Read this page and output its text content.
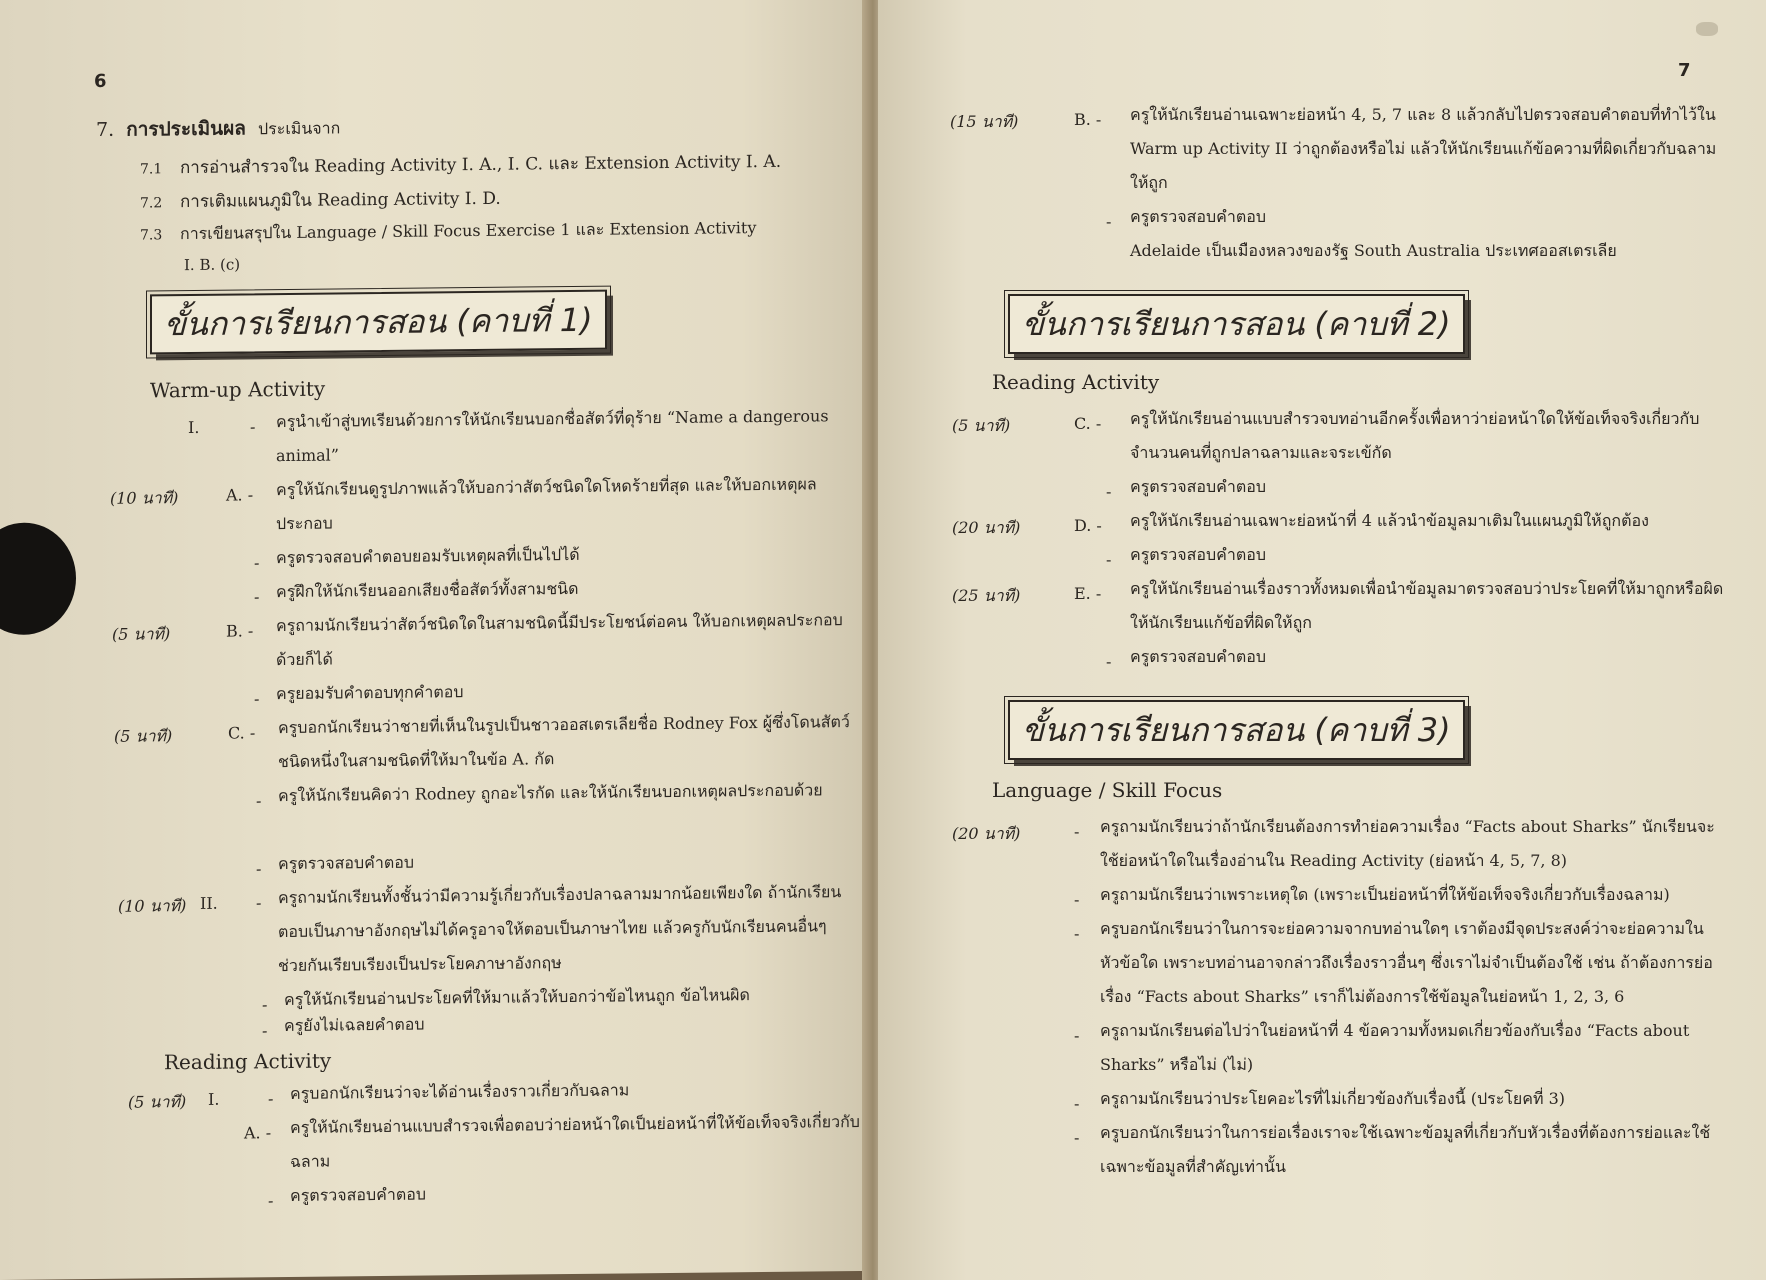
6
7. การประเมินผล ประเมินจาก
7.1 การอ่านสำรวจใน Reading Activity I. A., I. C. และ Extension Activity I. A.
7.2 การเติมแผนภูมิใน Reading Activity I. D.
7.3 การเขียนสรุปใน Language / Skill Focus Exercise 1 และ Extension Activity
I. B. (c)
ขั้นการเรียนการสอน (คาบที่ 1)
Warm-up Activity
I.	- ครูนำเข้าสู่บทเรียนด้วยการให้นักเรียนบอกชื่อสัตว์ที่ดุร้าย “Name a dangerous animal”
(10 นาที)	A. - ครูให้นักเรียนดูรูปภาพแล้วให้บอกว่าสัตว์ชนิดใดโหดร้ายที่สุด และให้บอกเหตุผลประกอบ
- ครูตรวจสอบคำตอบยอมรับเหตุผลที่เป็นไปได้
- ครูฝึกให้นักเรียนออกเสียงชื่อสัตว์ทั้งสามชนิด
(5 นาที)	B. - ครูถามนักเรียนว่าสัตว์ชนิดใดในสามชนิดนี้มีประโยชน์ต่อคน ให้บอกเหตุผลประกอบด้วยก็ได้
- ครูยอมรับคำตอบทุกคำตอบ
(5 นาที)	C. - ครูบอกนักเรียนว่าชายที่เห็นในรูปเป็นชาวออสเตรเลียชื่อ Rodney Fox ผู้ซึ่งโดนสัตว์ชนิดหนึ่งในสามชนิดที่ให้มาในข้อ A. กัด
- ครูให้นักเรียนคิดว่า Rodney ถูกอะไรกัด และให้นักเรียนบอกเหตุผลประกอบด้วย
- ครูตรวจสอบคำตอบ
(10 นาที) II. - ครูถามนักเรียนทั้งชั้นว่ามีความรู้เกี่ยวกับเรื่องปลาฉลามมากน้อยเพียงใด ถ้านักเรียนตอบเป็นภาษาอังกฤษไม่ได้ครูอาจให้ตอบเป็นภาษาไทย แล้วครูกับนักเรียนคนอื่นๆ ช่วยกันเรียบเรียงเป็นประโยคภาษาอังกฤษ
- ครูให้นักเรียนอ่านประโยคที่ให้มาแล้วให้บอกว่าข้อไหนถูก ข้อไหนผิด
- ครูยังไม่เฉลยคำตอบ
Reading Activity
(5 นาที) I.	- ครูบอกนักเรียนว่าจะได้อ่านเรื่องราวเกี่ยวกับฉลาม
A. - ครูให้นักเรียนอ่านแบบสำรวจเพื่อตอบว่าย่อหน้าใดเป็นย่อหน้าที่ให้ข้อเท็จจริงเกี่ยวกับฉลาม
- ครูตรวจสอบคำตอบ
7
(15 นาที)	B. - ครูให้นักเรียนอ่านเฉพาะย่อหน้า 4, 5, 7 และ 8 แล้วกลับไปตรวจสอบคำตอบที่ทำไว้ใน Warm up Activity II ว่าถูกต้องหรือไม่ แล้วให้นักเรียนแก้ข้อความที่ผิดเกี่ยวกับฉลามให้ถูก
- ครูตรวจสอบคำตอบ
Adelaide เป็นเมืองหลวงของรัฐ South Australia ประเทศออสเตรเลีย
ขั้นการเรียนการสอน (คาบที่ 2)
Reading Activity
(5 นาที)	C. - ครูให้นักเรียนอ่านแบบสำรวจบทอ่านอีกครั้งเพื่อหาว่าย่อหน้าใดให้ข้อเท็จจริงเกี่ยวกับจำนวนคนที่ถูกปลาฉลามและจระเข้กัด
- ครูตรวจสอบคำตอบ
(20 นาที)	D. - ครูให้นักเรียนอ่านเฉพาะย่อหน้าที่ 4 แล้วนำข้อมูลมาเติมในแผนภูมิให้ถูกต้อง
- ครูตรวจสอบคำตอบ
(25 นาที)	E. - ครูให้นักเรียนอ่านเรื่องราวทั้งหมดเพื่อนำข้อมูลมาตรวจสอบว่าประโยคที่ให้มาถูกหรือผิด ให้นักเรียนแก้ข้อที่ผิดให้ถูก
- ครูตรวจสอบคำตอบ
ขั้นการเรียนการสอน (คาบที่ 3)
Language / Skill Focus
(20 นาที)	- ครูถามนักเรียนว่าถ้านักเรียนต้องการทำย่อความเรื่อง “Facts about Sharks” นักเรียนจะใช้ย่อหน้าใดในเรื่องอ่านใน Reading Activity (ย่อหน้า 4, 5, 7, 8)
- ครูถามนักเรียนว่าเพราะเหตุใด (เพราะเป็นย่อหน้าที่ให้ข้อเท็จจริงเกี่ยวกับเรื่องฉลาม)
- ครูบอกนักเรียนว่าในการจะย่อความจากบทอ่านใดๆ เราต้องมีจุดประสงค์ว่าจะย่อความในหัวข้อใด เพราะบทอ่านอาจกล่าวถึงเรื่องราวอื่นๆ ซึ่งเราไม่จำเป็นต้องใช้ เช่น ถ้าต้องการย่อเรื่อง “Facts about Sharks” เราก็ไม่ต้องการใช้ข้อมูลในย่อหน้า 1, 2, 3, 6
- ครูถามนักเรียนต่อไปว่าในย่อหน้าที่ 4 ข้อความทั้งหมดเกี่ยวข้องกับเรื่อง “Facts about Sharks” หรือไม่ (ไม่)
- ครูถามนักเรียนว่าประโยคอะไรที่ไม่เกี่ยวข้องกับเรื่องนี้ (ประโยคที่ 3)
- ครูบอกนักเรียนว่าในการย่อเรื่องเราจะใช้เฉพาะข้อมูลที่เกี่ยวกับหัวเรื่องที่ต้องการย่อและใช้เฉพาะข้อมูลที่สำคัญเท่านั้น
